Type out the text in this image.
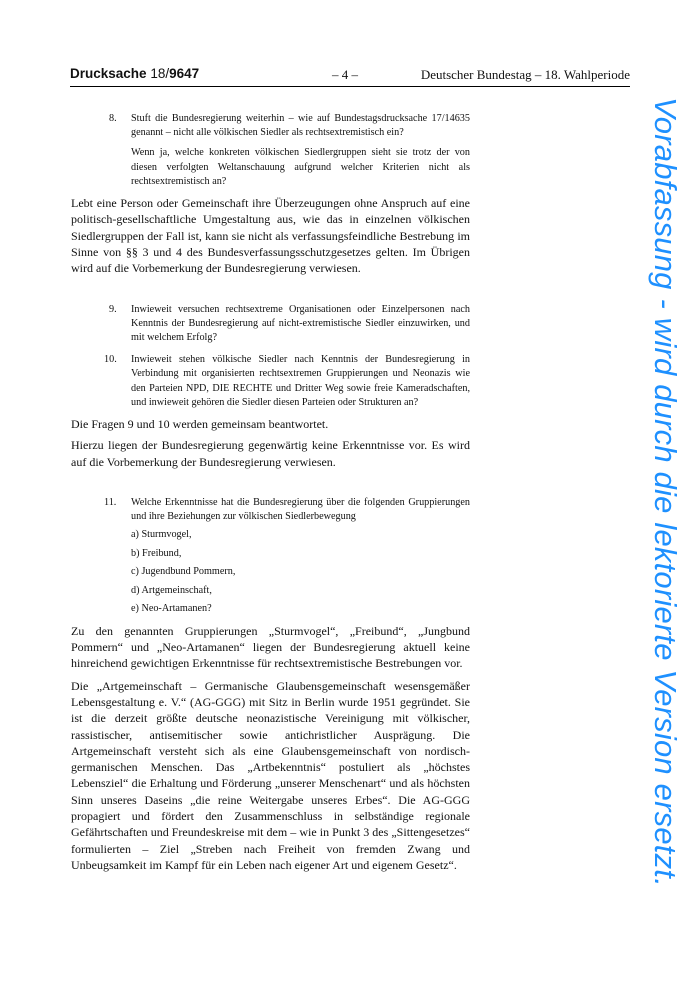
Drucksache 18/9647	– 4 –	Deutscher Bundestag – 18. Wahlperiode
8. Stuft die Bundesregierung weiterhin – wie auf Bundestagsdrucksache 17/14635 genannt – nicht alle völkischen Siedler als rechtsextremistisch ein?

Wenn ja, welche konkreten völkischen Siedlergruppen sieht sie trotz der von diesen verfolgten Weltanschauung aufgrund welcher Kriterien nicht als rechtsextremistisch an?

Lebt eine Person oder Gemeinschaft ihre Überzeugungen ohne Anspruch auf eine politisch-gesellschaftliche Umgestaltung aus, wie das in einzelnen völkischen Siedlergruppen der Fall ist, kann sie nicht als verfassungsfeindliche Bestrebung im Sinne von §§ 3 und 4 des Bundesverfassungsschutzgesetzes gelten. Im Übrigen wird auf die Vorbemerkung der Bundesregierung verwiesen.

9. Inwieweit versuchen rechtsextreme Organisationen oder Einzelpersonen nach Kenntnis der Bundesregierung auf nicht-extremistische Siedler einzuwirken, und mit welchem Erfolg?

10. Inwieweit stehen völkische Siedler nach Kenntnis der Bundesregierung in Verbindung mit organisierten rechtsextremen Gruppierungen und Neonazis wie den Parteien NPD, DIE RECHTE und Dritter Weg sowie freie Kameradschaften, und inwieweit gehören die Siedler diesen Parteien oder Strukturen an?

Die Fragen 9 und 10 werden gemeinsam beantwortet.

Hierzu liegen der Bundesregierung gegenwärtig keine Erkenntnisse vor. Es wird auf die Vorbemerkung der Bundesregierung verwiesen.

11. Welche Erkenntnisse hat die Bundesregierung über die folgenden Gruppierungen und ihre Beziehungen zur völkischen Siedlerbewegung

a) Sturmvogel,
b) Freibund,
c) Jugendbund Pommern,
d) Artgemeinschaft,
e) Neo-Artamanen?

Zu den genannten Gruppierungen „Sturmvogel“, „Freibund“, „Jungbund Pommern“ und „Neo-Artamanen“ liegen der Bundesregierung aktuell keine hinreichend gewichtigen Erkenntnisse für rechtsextremistische Bestrebungen vor.

Die „Artgemeinschaft – Germanische Glaubensgemeinschaft wesensgemäßer Lebensgestaltung e. V.“ (AG-GGG) mit Sitz in Berlin wurde 1951 gegründet. Sie ist die derzeit größte deutsche neonazistische Vereinigung mit völkischer, rassistischer, antisemitischer sowie antichristlicher Ausprägung. Die Artgemeinschaft versteht sich als eine Glaubensgemeinschaft von nordisch-germanischen Menschen. Das „Artbekenntnis“ postuliert als „höchstes Lebensziel“ die Erhaltung und Förderung „unserer Menschenart“ und als höchsten Sinn unseres Daseins „die reine Weitergabe unseres Erbes“. Die AG-GGG propagiert und fördert den Zusammenschluss in selbständige regionale Gefährtschaften und Freundeskreise mit dem – wie in Punkt 3 des „Sittengesetzes“ formulierten – Ziel „Streben nach Freiheit von fremden Zwang und Unbeugsamkeit im Kampf für ein Leben nach eigener Art und eigenem Gesetz“.	Vorabfassung - wird durch die lektorierte Version ersetzt.
